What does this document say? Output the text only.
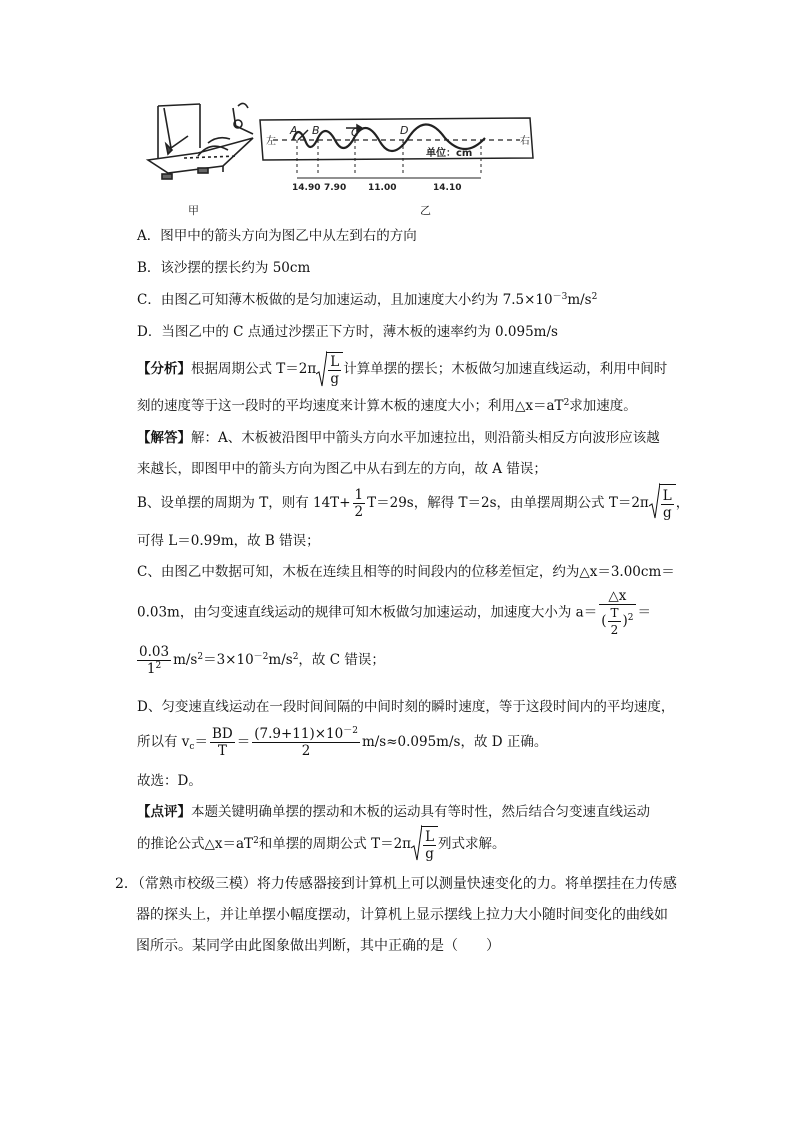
甲
A B	C	D
左	右
单位：cm
14.90 7.90 11.00	14.10
乙
A．图甲中的箭头方向为图乙中从左到右的方向
B．该沙摆的摆长约为 50cm
C．由图乙可知薄木板做的是匀加速运动，且加速度大小约为 $7.5\times 10^{-3}m/s^2$
D．当图乙中的 C 点通过沙摆正下方时，薄木板的速率约为 0.095m/s
【分析】根据周期公式 $T=2\pi \frac{L}{g}$ 计算单摆的摆长；木板做匀加速直线运动，利用中间时
刻的速度等于这一段时的平均速度来计算木板的速度大小；利用$\triangle x=aT^2$求加速度。
【解答】解：A、木板被沿图甲中箭头方向水平加速拉出，则沿箭头相反方向波形应该越
来越长，即图甲中的箭头方向为图乙中从右到左的方向，故 A 错误；
B、设单摆的周期为 T，则有 $14T+ \frac{1}{2} T=29s$，解得 T＝2s，由单摆周期公式 $T=2\pi \frac{L}{g}$ ，
可得 L＝0.99m，故 B 错误；
C、由图乙中数据可知，木板在连续且相等的时间段内的位移差恒定，约为△x＝3.00cm＝
0.03m，由匀变速直线运动的规律可知木板做匀加速运动，加速度大小为 $a= \frac{\triangle x}{( \frac{T}{2} )^2}$ ＝
$\frac{0.03}{1^2} m/s^2=3\times 10^{-2}m/s^2$，故 C 错误；
D、匀变速直线运动在一段时间间隔的中间时刻的瞬时速度，等于这段时间内的平均速度，
所以有 $v_c= \frac{BD}{T} = \frac{(7.9+11)\times 10^{-2}}{2} m/s\approx 0.095m/s$，故 D 正确。
故选：D。
【点评】本题关键明确单摆的摆动和木板的运动具有等时性，然后结合匀变速直线运动
的推论公式$\triangle x=aT^2$和单摆的周期公式 $T=2\pi \frac{L}{g}$ 列式求解。
2．（常熟市校级三模）将力传感器接到计算机上可以测量快速变化的力。将单摆挂在力传感
器的探头上，并让单摆小幅度摆动，计算机上显示摆线上拉力大小随时间变化的曲线如
图所示。某同学由此图象做出判断，其中正确的是（　　）
